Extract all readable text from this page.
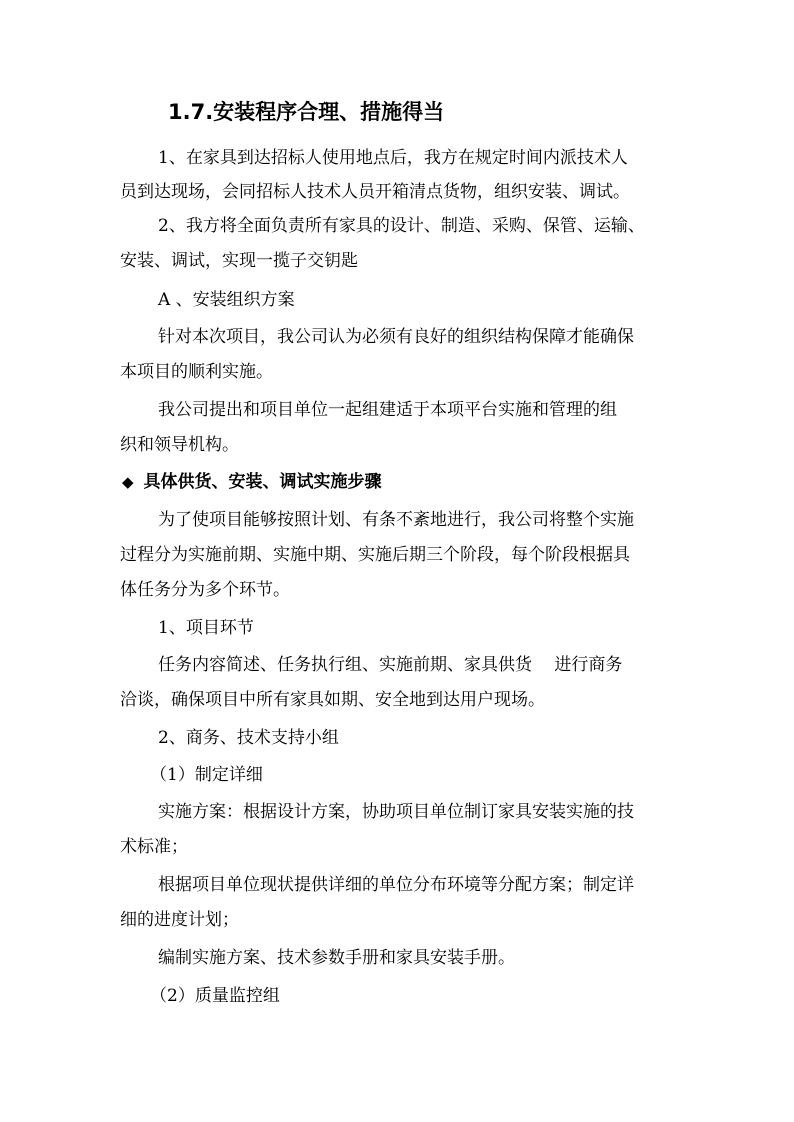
1.7.安装程序合理、措施得当
1、在家具到达招标人使用地点后，我方在规定时间内派技术人
员到达现场，会同招标人技术人员开箱清点货物，组织安装、调试。
2、我方将全面负责所有家具的设计、制造、采购、保管、运输、
安装、调试，实现一揽子交钥匙
A 、安装组织方案
针对本次项目，我公司认为必须有良好的组织结构保障才能确保
本项目的顺利实施。
我公司提出和项目单位一起组建适于本项平台实施和管理的组
织和领导机构。
◆ 具体供货、安装、调试实施步骤
为了使项目能够按照计划、有条不紊地进行，我公司将整个实施
过程分为实施前期、实施中期、实施后期三个阶段，每个阶段根据具
体任务分为多个环节。
1、项目环节
任务内容简述、任务执行组、实施前期、家具供货　 进行商务
洽谈，确保项目中所有家具如期、安全地到达用户现场。
2、商务、技术支持小组
（1）制定详细
实施方案：根据设计方案，协助项目单位制订家具安装实施的技
术标准；
根据项目单位现状提供详细的单位分布环境等分配方案；制定详
细的进度计划；
编制实施方案、技术参数手册和家具安装手册。
（2）质量监控组
